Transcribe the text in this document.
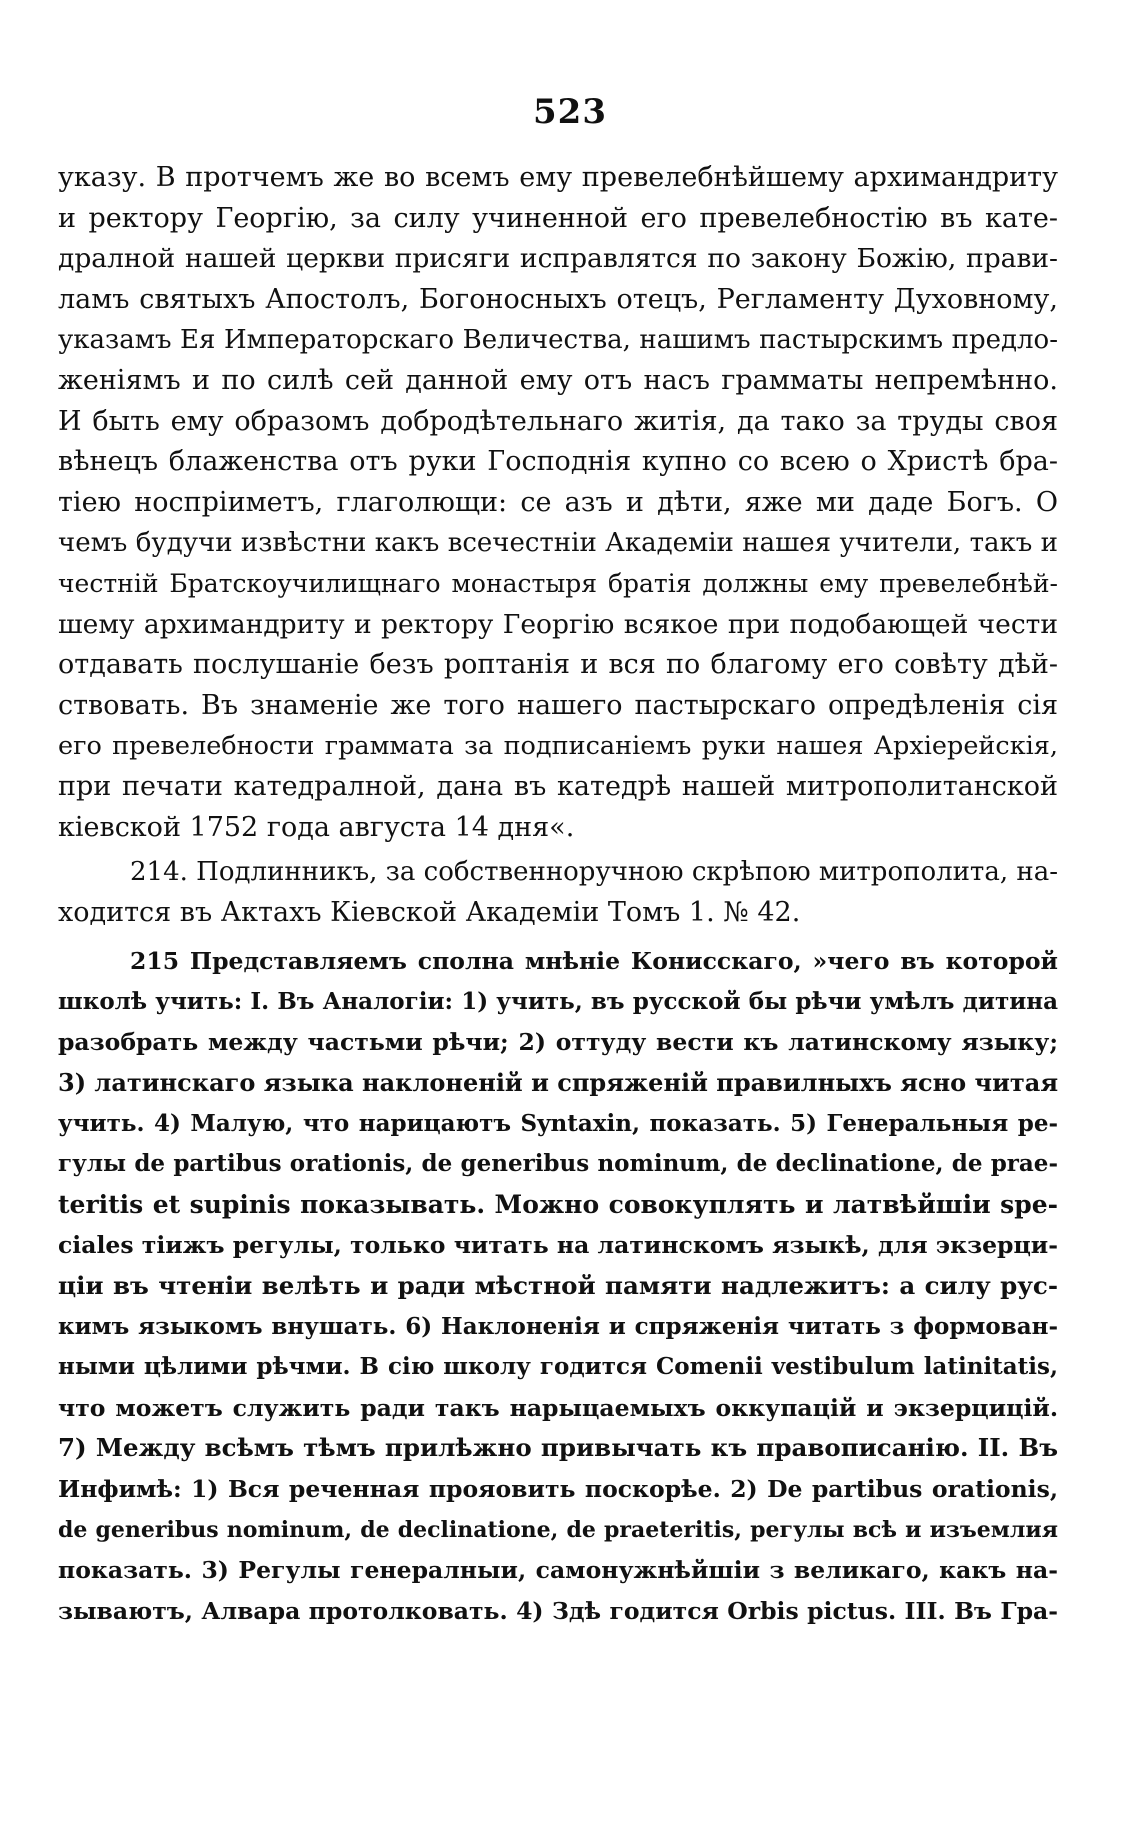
523
указу. В протчемъ же во всемъ ему превелебнѣйшему архимандриту
и ректору Георгію, за силу учиненной его превелебностію въ кате-
дралной нашей церкви присяги исправлятся по закону Божію, прави-
ламъ святыхъ Апостолъ, Богоносныхъ отецъ, Регламенту Духовному,
указамъ Ея Императорскаго Величества, нашимъ пастырскимъ предло-
женіямъ и по силѣ сей данной ему отъ насъ грамматы непремѣнно.
И быть ему образомъ добродѣтельнаго житія, да тако за труды своя
вѣнецъ блаженства отъ руки Господнія купно со всею о Христѣ бра-
тіею носпріиметъ, глаголющи: се азъ и дѣти, яже ми даде Богъ. О
чемъ будучи извѣстни какъ всечестніи Академіи нашея учители, такъ и
честній Братскоучилищнаго монастыря братія должны ему превелебнѣй-
шему архимандриту и ректору Георгію всякое при подобающей чести
отдавать послушаніе безъ роптанія и вся по благому его совѣту дѣй-
ствовать. Въ знаменіе же того нашего пастырскаго опредѣленія сія
его превелебности граммата за подписаніемъ руки нашея Архіерейскія,
при печати катедралной, дана въ катедрѣ нашей митрополитанской
кіевской 1752 года августа 14 дня«.
214. Подлинникъ, за собственноручною скрѣпою митрополита, на-
ходится въ Актахъ Кіевской Академіи Томъ 1. № 42.
215 Представляемъ сполна мнѣніе Конисскаго, »чего въ которой
школѣ учить: I. Въ Аналогіи: 1) учить, въ русской бы рѣчи умѣлъ дитина
разобрать между частьми рѣчи; 2) оттуду вести къ латинскому языку;
3) латинскаго языка наклоненій и спряженій правилныхъ ясно читая
учить. 4) Малую, что нарицаютъ Syntaxin, показать. 5) Генеральныя ре-
гулы de partibus orationis, de generibus nominum, de declinatione, de prae-
teritis et supinis показывать. Можно совокуплять и латвѣйшіи spe-
ciales тіижъ регулы, только читать на латинскомъ языкѣ, для экзерци-
ціи въ чтеніи велѣть и ради мѣстной памяти надлежитъ: а силу рус-
кимъ языкомъ внушать. 6) Наклоненія и спряженія читать з формован-
ными цѣлими рѣчми. В сію школу годится Comenii vestibulum latinitatis,
что можетъ служить ради такъ нарыцаемыхъ оккупацій и экзерцицій.
7) Между всѣмъ тѣмъ прилѣжно привычать къ правописанію. II. Въ
Инфимѣ: 1) Вся реченная прояовить поскорѣе. 2) De partibus orationis,
de generibus nominum, de declinatione, de praeteritis, регулы всѣ и изъемлия
показать. 3) Регулы генералныи, самонужнѣйшіи з великаго, какъ на-
зываютъ, Алвара протолковать. 4) Здѣ годится Orbis pictus. III. Въ Гра-
